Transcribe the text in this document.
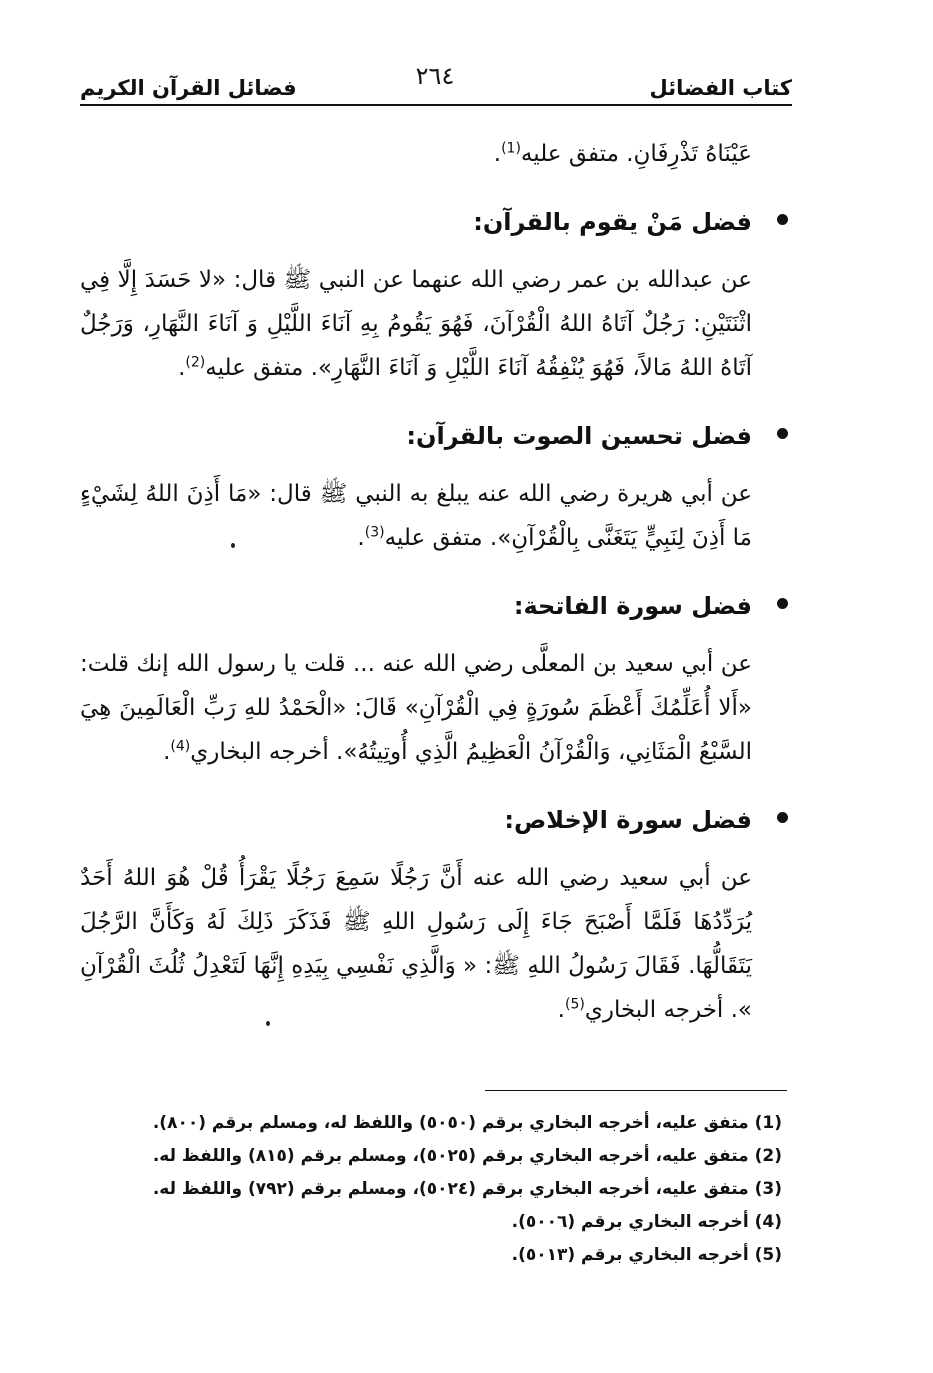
كتاب الفضائل
٢٦٤
فضائل القرآن الكريم

عَيْنَاهُ تَذْرِفَانِ. متفق عليه$^{(1)}$.

فضل مَنْ يقوم بالقرآن:

عن عبدالله بن عمر رضي الله عنهما عن النبي ﷺ قال: «لا حَسَدَ إِلَّا فِي اثْنَتَيْنِ: رَجُلٌ آتَاهُ اللهُ الْقُرْآنَ، فَهُوَ يَقُومُ بِهِ آنَاءَ اللَّيْلِ وَ آنَاءَ النَّهَارِ، وَرَجُلٌ آتَاهُ اللهُ مَالاً، فَهُوَ يُنْفِقُهُ آنَاءَ اللَّيْلِ وَ آنَاءَ النَّهَارِ». متفق عليه$^{(2)}$.

فضل تحسين الصوت بالقرآن:

عن أبي هريرة رضي الله عنه يبلغ به النبي ﷺ قال: «مَا أَذِنَ اللهُ لِشَيْءٍ مَا أَذِنَ لِنَبِيٍّ يَتَغَنَّى بِالْقُرْآنِ». متفق عليه$^{(3)}$.

فضل سورة الفاتحة:

عن أبي سعيد بن المعلَّى رضي الله عنه ... قلت يا رسول الله إنك قلت: «أَلا أُعَلِّمُكَ أَعْظَمَ سُورَةٍ فِي الْقُرْآنِ» قَالَ: «الْحَمْدُ للهِ رَبِّ الْعَالَمِينَ هِيَ السَّبْعُ الْمَثَانِي، وَالْقُرْآنُ الْعَظِيمُ الَّذِي أُوتِيتُهُ». أخرجه البخاري$^{(4)}$.

فضل سورة الإخلاص:

عن أبي سعيد رضي الله عنه أَنَّ رَجُلًا سَمِعَ رَجُلًا يَقْرَأُ قُلْ هُوَ اللهُ أَحَدٌ يُرَدِّدُهَا فَلَمَّا أَصْبَحَ جَاءَ إِلَى رَسُولِ اللهِ ﷺ فَذَكَرَ ذَلِكَ لَهُ وَكَأَنَّ الرَّجُلَ يَتَقَالُّهَا. فَقَالَ رَسُولُ اللهِ ﷺ: « وَالَّذِي نَفْسِي بِيَدِهِ إِنَّهَا لَتَعْدِلُ ثُلُثَ الْقُرْآنِ ». أخرجه البخاري$^{(5)}$.

(1) متفق عليه، أخرجه البخاري برقم (٥٠٥٠) واللفظ له، ومسلم برقم (٨٠٠).
(2) متفق عليه، أخرجه البخاري برقم (٥٠٢٥)، ومسلم برقم (٨١٥) واللفظ له.
(3) متفق عليه، أخرجه البخاري برقم (٥٠٢٤)، ومسلم برقم (٧٩٢) واللفظ له.
(4) أخرجه البخاري برقم (٥٠٠٦).
(5) أخرجه البخاري برقم (٥٠١٣).
